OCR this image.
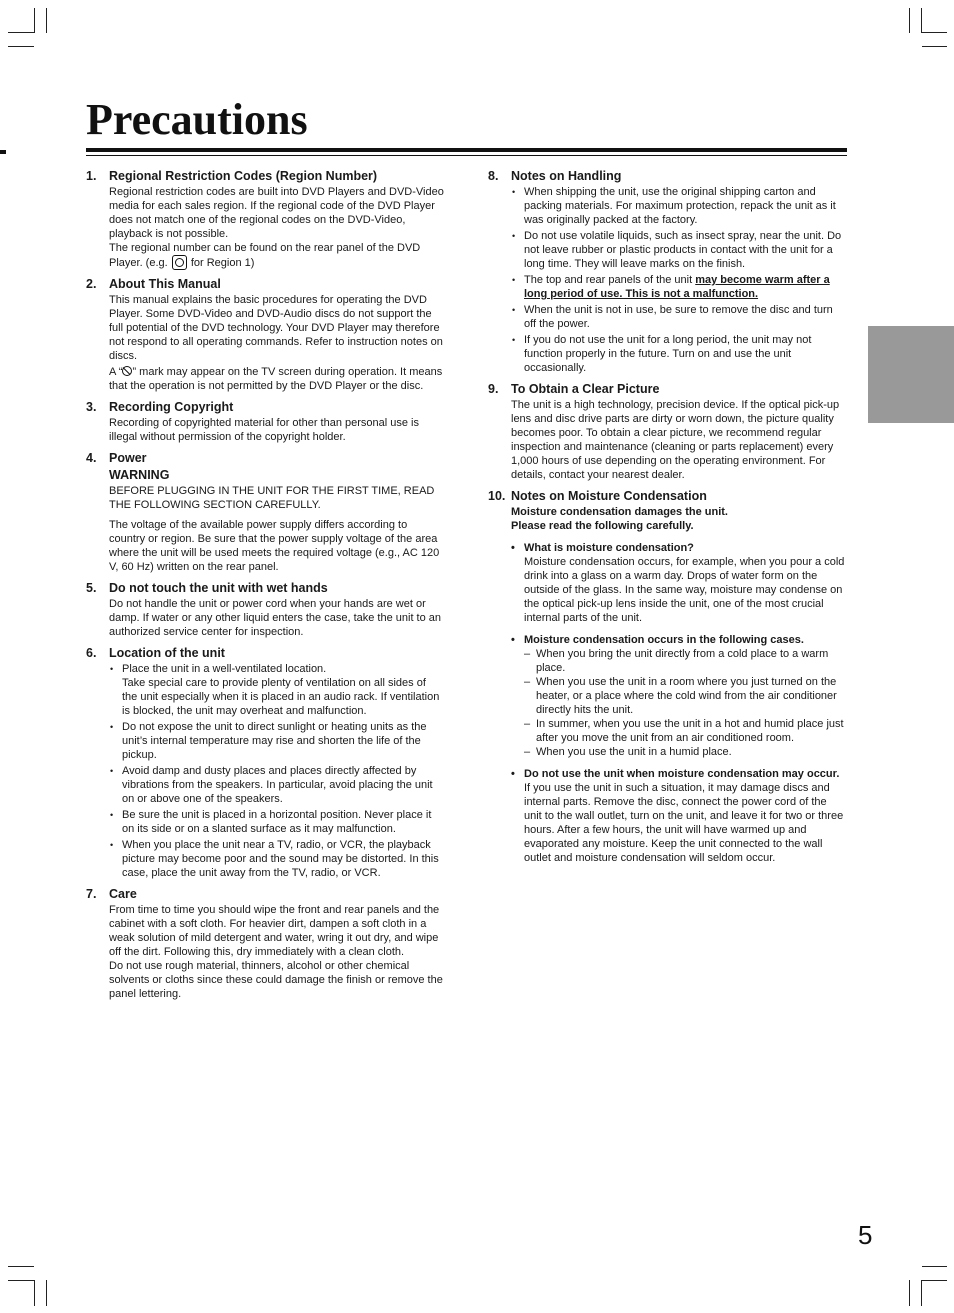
Precautions
1. Regional Restriction Codes (Region Number)

Regional restriction codes are built into DVD Players and DVD-Video media for each sales region. If the regional code of the DVD Player does not match one of the regional codes on the DVD-Video, playback is not possible.

The regional number can be found on the rear panel of the DVD Player. (e.g. for Region 1)

2. About This Manual

This manual explains the basic procedures for operating the DVD Player. Some DVD-Video and DVD-Audio discs do not support the full potential of the DVD technology. Your DVD Player may therefore not respond to all operating commands. Refer to instruction notes on discs.

A “ ” mark may appear on the TV screen during operation. It means that the operation is not permitted by the DVD Player or the disc.

3. Recording Copyright

Recording of copyrighted material for other than personal use is illegal without permission of the copyright holder.

4. Power
WARNING

BEFORE PLUGGING IN THE UNIT FOR THE FIRST TIME, READ THE FOLLOWING SECTION CAREFULLY.

The voltage of the available power supply differs according to country or region. Be sure that the power supply voltage of the area where the unit will be used meets the required voltage (e.g., AC 120 V, 60 Hz) written on the rear panel.

5. Do not touch the unit with wet hands

Do not handle the unit or power cord when your hands are wet or damp. If water or any other liquid enters the case, take the unit to an authorized service center for inspection.

6. Location of the unit
• Place the unit in a well-ventilated location.
Take special care to provide plenty of ventilation on all sides of the unit especially when it is placed in an audio rack. If ventilation is blocked, the unit may overheat and malfunction.
• Do not expose the unit to direct sunlight or heating units as the unit’s internal temperature may rise and shorten the life of the pickup.
• Avoid damp and dusty places and places directly affected by vibrations from the speakers. In particular, avoid placing the unit on or above one of the speakers.
• Be sure the unit is placed in a horizontal position. Never place it on its side or on a slanted surface as it may malfunction.
• When you place the unit near a TV, radio, or VCR, the playback picture may become poor and the sound may be distorted. In this case, place the unit away from the TV, radio, or VCR.
7. Care

From time to time you should wipe the front and rear panels and the cabinet with a soft cloth. For heavier dirt, dampen a soft cloth in a weak solution of mild detergent and water, wring it out dry, and wipe off the dirt. Following this, dry immediately with a clean cloth.

Do not use rough material, thinners, alcohol or other chemical solvents or cloths since these could damage the finish or remove the panel lettering.

8. Notes on Handling
• When shipping the unit, use the original shipping carton and packing materials. For maximum protection, repack the unit as it was originally packed at the factory.
• Do not use volatile liquids, such as insect spray, near the unit. Do not leave rubber or plastic products in contact with the unit for a long time. They will leave marks on the finish.
• The top and rear panels of the unit may become warm after a long period of use. This is not a malfunction.
• When the unit is not in use, be sure to remove the disc and turn off the power.
• If you do not use the unit for a long period, the unit may not function properly in the future. Turn on and use the unit occasionally.
9. To Obtain a Clear Picture

The unit is a high technology, precision device. If the optical pick-up lens and disc drive parts are dirty or worn down, the picture quality becomes poor. To obtain a clear picture, we recommend regular inspection and maintenance (cleaning or parts replacement) every 1,000 hours of use depending on the operating environment. For details, contact your nearest dealer.

10. Notes on Moisture Condensation

Moisture condensation damages the unit.

Please read the following carefully.

• What is moisture condensation?

Moisture condensation occurs, for example, when you pour a cold drink into a glass on a warm day. Drops of water form on the outside of the glass. In the same way, moisture may condense on the optical pick-up lens inside the unit, one of the most crucial internal parts of the unit.

• Moisture condensation occurs in the following cases.
– When you bring the unit directly from a cold place to a warm place.
– When you use the unit in a room where you just turned on the heater, or a place where the cold wind from the air conditioner directly hits the unit.
– In summer, when you use the unit in a hot and humid place just after you move the unit from an air conditioned room.
– When you use the unit in a humid place.
• Do not use the unit when moisture condensation may occur.

If you use the unit in such a situation, it may damage discs and internal parts. Remove the disc, connect the power cord of the unit to the wall outlet, turn on the unit, and leave it for two or three hours. After a few hours, the unit will have warmed up and evaporated any moisture. Keep the unit connected to the wall outlet and moisture condensation will seldom occur.

5
